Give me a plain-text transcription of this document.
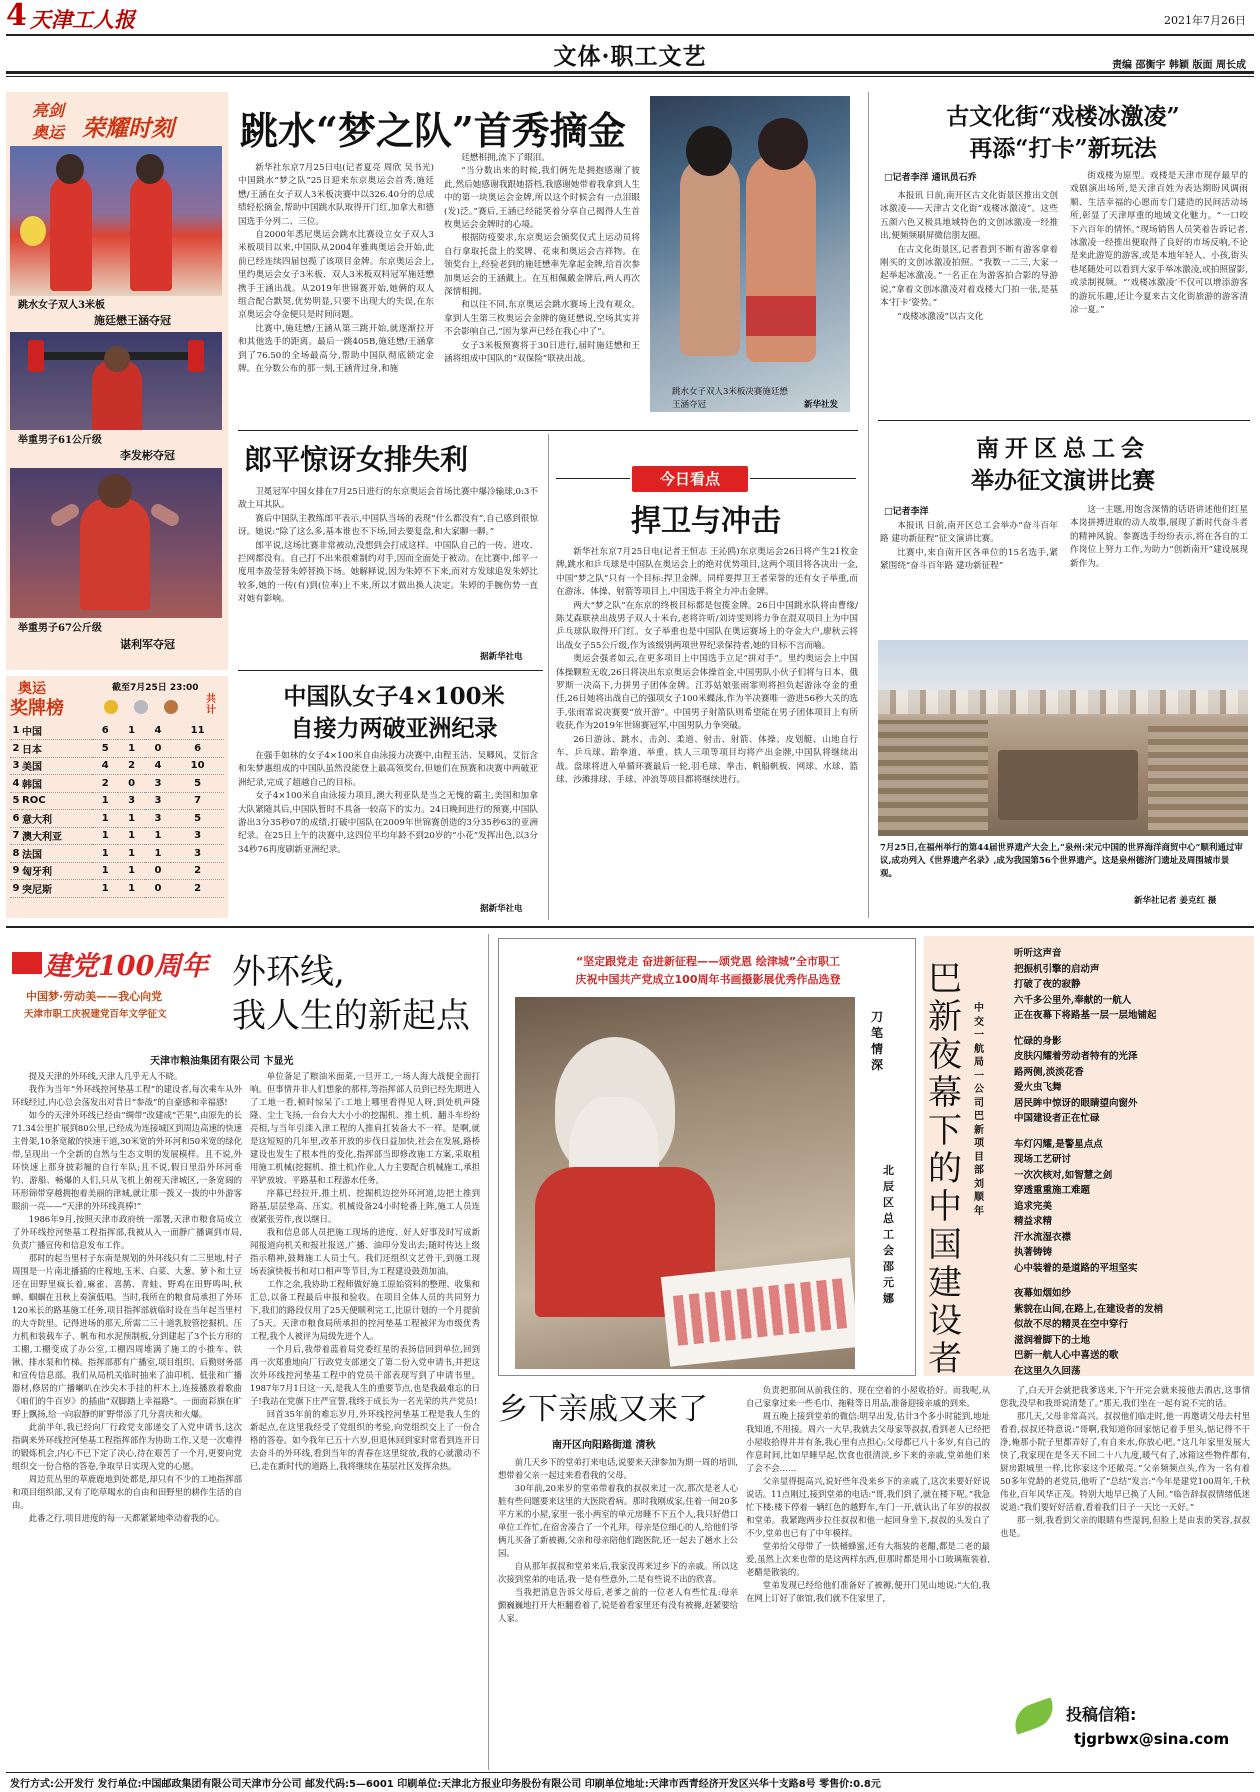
4 天津工人报	2021年7月26日
文体·职工文艺	责编 邵衡宇 韩颖 版面 周长成
亮剑
奥运 荣耀时刻
跳水女子双人3米板
施廷懋王涵夺冠
举重男子61公斤级
李发彬夺冠
举重男子67公斤级
谌利军夺冠
奥运
奖牌榜
截至7月25日 23:00
共计
1	中国	6	1	4	11
2	日本	5	1	0	6
3	美国	4	2	4	10
4	韩国	2	0	3	5
5	ROC	1	3	3	7
6	意大利	1	1	3	5
7	澳大利亚	1	1	1	3
8	法国	1	1	1	3
9	匈牙利	1	1	0	2
9	突尼斯	1	1	0	2
跳水“梦之队”首秀摘金

新华社东京7月25日电(记者夏亮 周欣 吴书光)中国跳水“梦之队”25日迎来东京奥运会首秀,施廷懋/王涵在女子双人3米板决赛中以326.40分的总成绩轻松摘金,帮助中国跳水队取得开门红,加拿大和德国选手分列二、三位。

自2000年悉尼奥运会跳水比赛设立女子双人3米板项目以来,中国队从2004年雅典奥运会开始,此前已经连续四届包揽了该项目金牌。东京奥运会上,里约奥运会女子3米板、双人3米板双料冠军施廷懋携手王涵出战。从2019年世锦赛开始,她俩的双人组合配合默契,优势明显,只要不出现大的失误,在东京奥运会夺金便只是时间问题。

比赛中,施廷懋/王涵从第三跳开始,就逐渐拉开和其他选手的距离。最后一跳405B,施廷懋/王涵拿到了76.50的全场最高分,帮助中国队彻底锁定金牌。在分数公布的那一刻,王涵背过身,和施

廷懋相拥,流下了眼泪。

“当分数出来的时候,我们俩先是拥抱感谢了彼此,然后她感谢我跟她搭档,我感谢她带着我拿到人生中的第一块奥运会金牌,所以这个时候会有一点泪眼(发)泛。”赛后,王涵已经能笑着分享自己揭得人生首枚奥运会金牌时的心境。

根据防疫要求,东京奥运会颁奖仪式上运动员将自行拿取托盘上的奖牌、花束和奥运会吉祥物。在领奖台上,经验老到的施廷懋率先拿起金牌,给首次参加奥运会的王涵戴上。在互相佩戴金牌后,两人再次深情相拥。

和以往不同,东京奥运会跳水赛场上没有观众。拿到人生第三枚奥运会金牌的施廷懋说,空场其实并不会影响自己,“因为掌声已经在我心中了”。

女子3米板预赛将于30日进行,届时施廷懋和王涵将组成中国队的“双保险”联袂出战。

跳水女子双人3米板决赛施廷懋
王涵夺冠	新华社发
郎平惊讶女排失利

卫冕冠军中国女排在7月25日进行的东京奥运会首场比赛中爆冷输球,0:3不敌土耳其队。

赛后中国队主教练郎平表示,中国队当场的表现“什么都没有”,自己感到很惊讶。她说:“除了这么多,基本谁也不下场,回去要复盘,和大家聊一聊。”

郎平说,这场比赛非常被动,没想到会打成这样。中国队自己的一传、进攻、拦网都没有。自己打不出来很难制约对手,因而全面处于被动。在比赛中,郎平一度用李盈莹替朱婷替换下场。她解释说,因为朱婷不下来,而对方发球追发朱婷比较多,她的一传(有)到(位率)上不来,所以才做出换人决定。朱婷的手腕伤势一直对她有影响。

据新华社电
中国队女子4×100米
自接力两破亚洲纪录

在强手如林的女子4×100米自由泳接力决赛中,由程玉洁、吴卿风、艾衍含和朱梦惠组成的中国队虽然没能登上最高领奖台,但她们在预赛和决赛中两破亚洲纪录,完成了超越自己的目标。

女子4×100米自由泳接力项目,澳大利亚队是当之无愧的霸主,美国和加拿大队紧随其后,中国队暂时不具备一较高下的实力。24日晚间进行的预赛,中国队游出3分35秒07的成绩,打破中国队在2009年世锦赛创造的3分35秒63的亚洲纪录。在25日上午的决赛中,这四位平均年龄不到20岁的“小花”发挥出色,以3分34秒76再度刷新亚洲纪录。

据新华社电
今日看点
捍卫与冲击

新华社东京7月25日电(记者王恒志 王沁鸥)东京奥运会26日将产生21枚金牌,跳水和乒乓球是中国队在奥运会上的绝对优势项目,这两个项目将各决出一金,中国“梦之队”只有一个目标:捍卫金牌。同样要捍卫王者荣誉的还有女子举重,而在游泳、体操、射箭等项目上,中国选手将全力冲击金牌。

两大“梦之队”在东京的终极目标都是包揽金牌。26日中国跳水队将由曹缘/陈艾森联袂出战男子双人十米台,老将许昕/刘诗雯则将力争在混双项目上为中国乒乓球队取得开门红。女子举重也是中国队在奥运赛场上的夺金大户,廖秋云将出战女子55公斤级,作为该级别两项世界纪录保持者,她的目标不言而喻。

奥运会强者如云,在更多项目上中国选手立足“拼对手”。里约奥运会上中国体操颗粒无收,26日将决出东京奥运会体操首金,中国男队小伙子们将与日本、俄罗斯一决高下,力拼男子团体金牌。江苏姑娘张雨霏则将担负起游泳夺金的重任,26日她将出战自己的强项女子100米蝶泳,作为半决赛唯一游进56秒大关的选手,张雨霏说决赛要“放开游”。中国男子射箭队则希望能在男子团体项目上有所收获,作为2019年世锦赛冠军,中国男队力争突破。

26日游泳、跳水、击剑、柔道、射击、射箭、体操、皮划艇、山地自行车、乒乓球、跆拳道、举重、铁人三项等项目均将产出金牌,中国队将继续出战。盘球将进入单循环赛最后一轮,羽毛球、拳击、帆船帆板、网球、水球、篮球、沙滩排球、手球、冲浪等项目都将继续进行。

古文化街“戏楼冰激凌”
再添“打卡”新玩法
□记者李洋 通讯员石乔

本报讯 日前,南开区古文化街景区推出文创冰激凌——天津古文化街“戏楼冰激凌”。这些五颜六色又极具地域特色的文创冰激凌一经推出,便频频刷屏微信朋友圈。

在古文化街景区,记者看到不断有游客拿着刚买的文创冰激凌拍照。“我数一二三,大家一起举起冰激凌。”一名正在为游客拍合影的导游说,“拿着文创冰激凌对着戏楼大门拍一张,是基本‘打卡’姿势。”

“戏楼冰激凌”以古文化

街戏楼为原型。戏楼是天津市现存最早的戏剧演出场所,是天津百姓为表达期盼风调雨顺、生活幸福的心愿而专门建造的民间活动场所,彰显了天津厚重的地域文化魅力。“一口咬下六百年的情怀。”现场销售人员笑着告诉记者,冰激凌一经推出便取得了良好的市场反响,不论是来此游览的游客,或是本地年轻人、小孩,街头巷尾随处可以看到大家手举冰激凌,或拍照留影,或录制视频。“‘戏楼冰激凌’不仅可以增添游客的游玩乐趣,还让今夏来古文化街旅游的游客清凉一夏。”

南开区总工会
举办征文演讲比赛
□记者李洋

本报讯 日前,南开区总工会举办“奋斗百年路 建功新征程”征文演讲比赛。

比赛中,来自南开区各单位的15名选手,紧紧围绕“奋斗百年路 建功新征程”

这一主题,用饱含深情的话语讲述他们红星本岗拼搏进取的动人故事,展现了新时代奋斗者的精神风貌。参赛选手纷纷表示,将在各自的工作岗位上努力工作,为助力“创新南开”建设展现新作为。

7月25日,在福州举行的第44届世界遗产大会上,“泉州:宋元中国的世界海洋商贸中心”顺利通过审议,成功列入《世界遗产名录》,成为我国第56个世界遗产。这是泉州德济门遗址及周围城市景观。
新华社记者 姜克红 摄
建党100周年
中国梦·劳动美——我心向党
天津市职工庆祝建党百年文学征文
外环线,
我人生的新起点
天津市粮油集团有限公司 卞显光

提及天津的外环线,天津人几乎无人不晓。

我作为当年“外环线控河垫基工程”的建设者,每次乘车从外环线经过,内心总会荡发出对昔日“参战”的自豪感和幸福感!

如今的天津外环线已经由“绸带”改建成“芒果”,由原先的长71.34公里扩展到80公里,已经成为连接城区到周边高速的快速主骨架,10条宽敞的快速干道,30米宽的外环河和50米宽的绿化带,呈现出一个全新的自然与生态文明的发展模样。且不说,外环快速上那身披彩履的自行车队;且不说,假日里沿外环河垂钓、游船、畅爆的人们,只从飞机上俯视天津城区,一条宽阔的环形锦带穿越拥抱着美丽的津城,就让那一拨又一拨的中外游客眼前一亮——“天津的外环线真棒!”

1986年9月,按照天津市政府统一部署,天津市粮食局成立了外环线控河垫基工程指挥部,我被从入一面静广播调到市局,负责广播宣传和信息发布工作。

那时的起当里村子东南是规划的外环线只有二三里地,村子周围是一片南北播插的庄稼地,玉米、白菜、大葱、萝卜和土豆还在田野里疯长着,麻雀、喜鹊、青蛙、野鸡在田野鸣叫,秋蝉、蝈蝈在丑秋上奏演低唱。当时,我所在的粮食局承担了外环120米长的路基施工任务,项目指挥部就临时设在当年起当里村的大寺院里。记得进场的那天,所需二三十道乳胶管挖掘机、压力机和装载车子、帆布和水泥预制板,分到建起了3个长方形的工棚,工棚变成了办公室,工棚四周堆满了施工的小推车、铁锹、排水泵和竹梯。指挥部那有广播室,项目组织、后勤财务部和宣传信息部。我们从局机关临时抽来了油印机、低张和广播器材,修居的广播喇叭在沙尖木手挂的杆木上,连接播放着歌曲《咱们的牛百岁》的插曲“双脚踏上幸福路”。一面面彩旗在旷野上飘扬,给一向寂静的旷野带添了几分喜庆和火爆。

此前半年,我已经向厂行政党支部递交了入党申请书,这次指调来外环线控河垫基工程指挥部作为协助工作,又是一次难得的锻炼机会,内心不已下定了决心,待在艰苦了一个月,更要向党组织交一份合格的答卷,争取早日实现入党的心愿。

周边荒丛里的草鹿鹿地到处都是,却只有不少的工地指挥部和项目组织部,又有了吃草喝水的自由和田野里的耕作生活的自由。

此番之行,项目进度的每一天都紧紧地牵动着我的心。

单位备足了粮油米面菜,一旦开工,一场人海大战便全面打响。但事情并非人们想象的那样,等指挥部人员到已经先期进入了工地一看,顿时惊呆了:工地上哪里看得见人呀,到处机声隆隆、尘土飞扬,一台台大大小小的挖掘机、推土机、翻斗车纷纷亮相,与当年引滦入津工程的人推肩扛装备大不一样。是啊,就是这短短的几年里,改革开放的步伐日益加快,社会在发展,路桥建设也发生了根本性的变化,指挥部当即修改施工方案,采取租用施工机械(挖掘机、推土机)作业,人力主要配合机械施工,承担平铲放坡、平路基和工程游水任务。

序幕已经拉开,推土机、挖掘机边挖外环河道,边把土推到路基,层层垫高、压实。机械设备24小时轮番上阵,施工人员连夜紧张劳作,夜以继日。

我和信息部人员把施工现场的进度、好人好事及时写成新闻报道向机关和报社报送,广播、油印分发出去;随时传达上级指示精神,鼓舞施工人员士气。我们还组织文艺骨干,到施工现场表演快板书和对口相声等节目,为工程建设鼓劲加油。

工作之余,我协助工程师做好施工原始资料的整理、收集和汇总,以备工程最后申报和验收。在项目全体人员的共同努力下,我们的路段仅用了25天便顺利完工,比原计划的一个月提前了5天。天津市粮食局所承担的控河垫基工程被评为市级优秀工程,我个人被评为局级先进个人。

一个月后,我带着蓝着局党委红星的表扬信回到单位,回到再一次郑重地向厂行政党支部递交了第二份入党申请书,并把这次外环线控河垫基工程中的党员干部表现写到了申请书里。1987年7月1日这一天,是我人生的重要节点,也是我最难忘的日子!我站在党旗下庄严宣誓,我终于成长为一名光荣的共产党员!

回首35年前的难忘岁月,外环线控河垫基工程是我人生的新起点,在这里我经受了党组织的考验,向党组织交上了一份合格的答卷。如今我年已五十六岁,但退休回到家时常看到连开日去奋斗的外环线,看到当年的青春在这里绽放,我的心就激动不已,走在新时代的道路上,我将继续在基层社区发挥余热。

“坚定跟党走 奋进新征程——颂党恩 绘津城”全市职工
庆祝中国共产党成立100周年书画摄影展优秀作品选登
刀笔情深
北辰区总工会 邵元娜
巴新夜幕下的中国建设者
中交一航局一公司巴新项目部 刘顺年
听听这声音
把振机引擎的启动声
打破了夜的寂静
六千多公里外,奉献的一航人
正在夜幕下将路基一层一层地铺起

忙碌的身影
皮肤闪耀着劳动者特有的光泽
路两侧,淡淡花香
爱火虫飞舞
居民眸中惊讶的眼睛望向窗外
中国建设者正在忙碌

车灯闪耀,是警星点点
现场工艺研讨
一次次核对,如智慧之剑
穿透重重施工难题
追求完美
精益求精
汗水流湿衣襟
执著铸铸
心中装着的是道路的平坦坚实

夜幕如烟如纱
紫貌在山间,在路上,在建设者的发梢
似故不尽的精灵在空中穿行
滋润着脚下的土地
巴新一航人心中喜送的歌
在这里久久回荡
乡下亲戚又来了
南开区向阳路街道 清秋

前几天乡下的堂弟打来电话,说要来天津参加为期一周的培训,想带着父亲一起过来看看我的父母。

30年前,20来岁的堂弟带着我的叔叔来过一次,那次是老人心脏有些问题要来这里的大医院看病。那时我刚成家,住着一间20多平方米的小屋,家里一张小两室的单元房睡不下五个人,我只好借口单位工作忙,在宿舍凑合了一个礼拜。母亲是位细心的人,给他们爷俩儿买备了新被褥,父亲和母亲陪他们跑医院,还一起去了趟水上公园。

自从那年叔叔和堂弟来后,我家没再来过乡下的亲戚。所以这次接到堂弟的电话,我一是有些意外,二是有些说不出的欣喜。

当我把消息告诉父母后,老爹之前的一位老人有些忙乱:母亲颤巍巍地打开大柜翻看着了,说是着看家里还有没有被褥,赶紧要给人家。

负责把那间从前我住的、现在空着的小屋收拾好。而我呢,从自己家拿过来一些毛巾、拖鞋等日用品,准备迎接亲戚的到来。

周五晚上接到堂弟的微信:明早出发,估计3个多小时能到,地址我知道,不用接。周六一大早,我就去父母家等叔叔,看到老人已经把小屋收拾得井井有条,我心里有点担心:父母都已八十多岁,有自己的作息时间,比如早睡早起,饮食也很清淡,乡下来的亲戚,堂弟他们来了会不会……

父亲显得挺高兴,说好些年没来乡下的亲戚了,这次来要好好说说话。11点刚过,接到堂弟的电话:“哥,我们到了,就在楼下呢。”我急忙下楼:楼下停着一辆红色的越野车,车门一开,就认出了年岁的叔叔和堂弟。我紧跑两步拉住叔叔和他一起回身坐下,叔叔的头发白了不少,堂弟也已有了中年模样。

堂弟给父母带了一铁桶蜂蜜,还有大瓶装的老醋,都是二老的最爱,虽然上次来也带的是这两样东西,但那时都是用小口玻璃瓶装着,老醋是散装的。

堂弟发现已经给他们准备好了被褥,便开门见山地说:“大伯,我在网上订好了旅馆,我们就不住家里了,

了,白天开会就把我爹送来,下午开完会就来接他去酒店,这事情您我,没早和我哥说清楚了。”那天,我们坐在一起有说不完的话。

那几天,父母非常高兴。叔叔他们临走时,他一再邀请父母去村里看看,叔叔还特意说:“哥啊,我知道你回家惦记着手里头,惦记得不干净,俺那小院子里都弄好了,有自来水,你放心吧。”这几年家里发展大快了,我家现在是冬天不回二十八九度,暖气有了,冰箱这些物件都有,厨房跟城里一样,比你家这个还敞亮。”父亲频频点头,作为一名有着50多年党龄的老党员,他听了“总结”发言:“今年是建党100周年,千秋伟业,百年风华正茂。特别大地早已换了人间。”临告辞叔叔情绪低迷说道:“我们要好好活着,看着我们日子一天比一天好。”

那一刻,我看到父亲的眼睛有些湿润,但脸上是由衷的笑容,叔叔也是。

投稿信箱:
tjgrbwx@sina.com
发行方式:公开发行 发行单位:中国邮政集团有限公司天津市分公司 邮发代码:5—6001 印刷单位:天津北方报业印务股份有限公司 印刷单位地址:天津市西青经济开发区兴华十支路8号 零售价:0.8元
